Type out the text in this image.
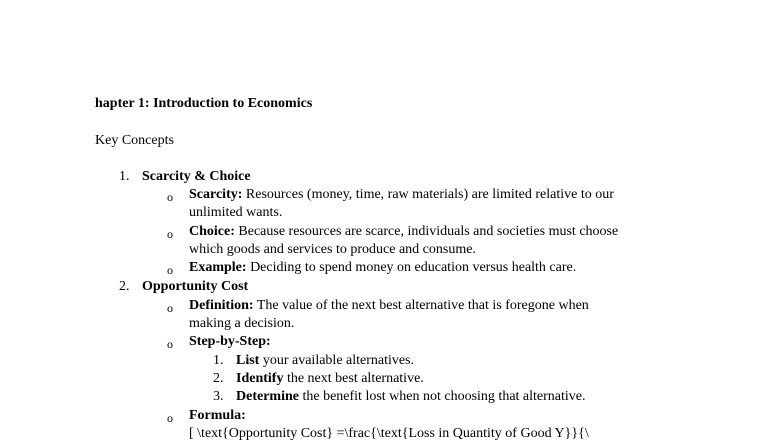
hapter 1: Introduction to Economics
Key Concepts
1. Scarcity & Choice
o Scarcity: Resources (money, time, raw materials) are limited relative to our
unlimited wants.
o Choice: Because resources are scarce, individuals and societies must choose
which goods and services to produce and consume.
o Example: Deciding to spend money on education versus health care.
2. Opportunity Cost
o Definition: The value of the next best alternative that is foregone when
making a decision.
o Step-by-Step:
1. List your available alternatives.
2. Identify the next best alternative.
3. Determine the benefit lost when not choosing that alternative.
o Formula:
[ \text{Opportunity Cost} =\frac{\text{Loss in Quantity of Good Y}}{\
